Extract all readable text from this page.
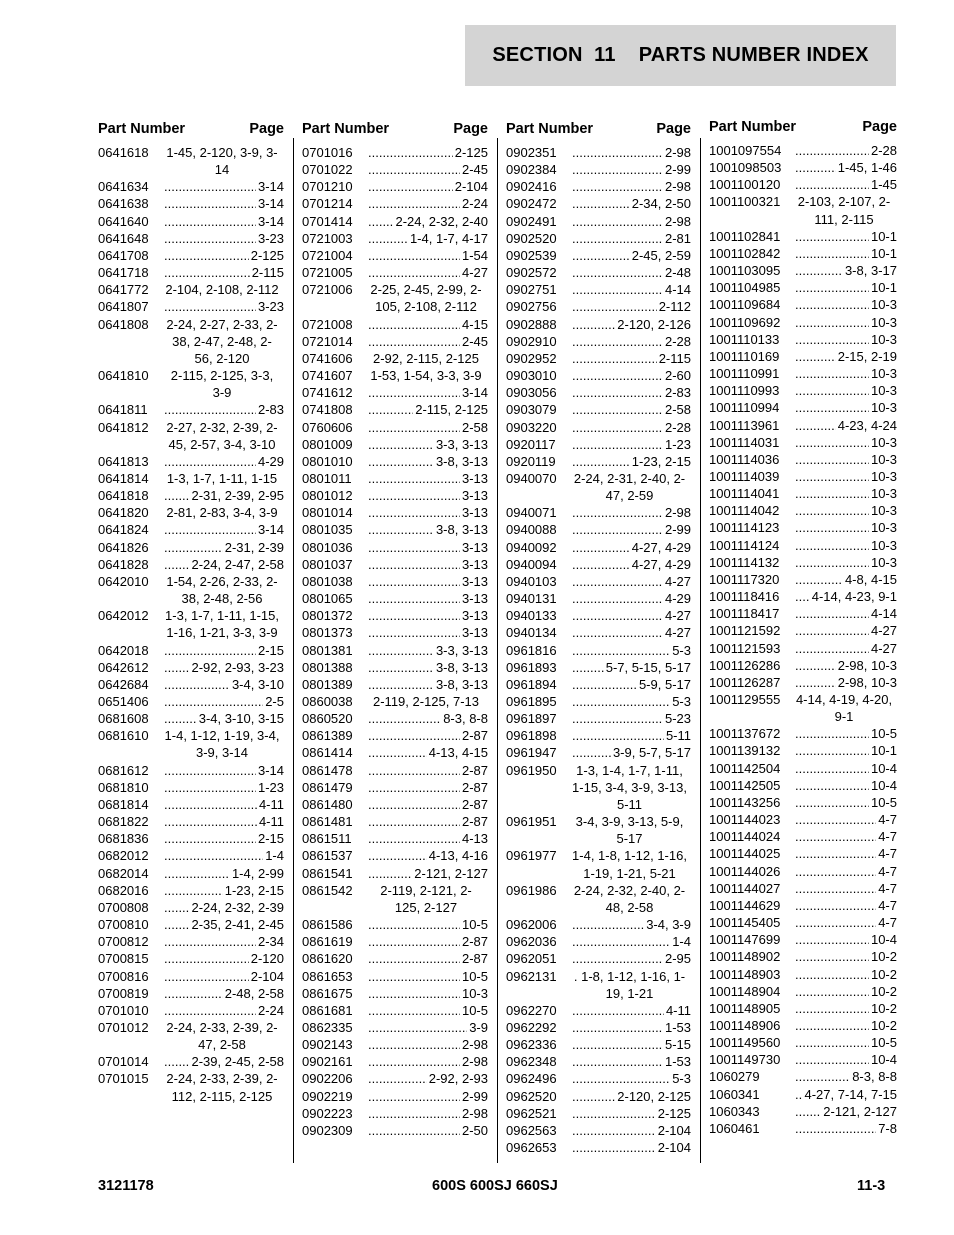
SECTION  11    PARTS NUMBER INDEX
Part Number	Page
0641618	1-45, 2-120, 3-9, 3-14
0641634 .....	3-14
0641638 .....	3-14
0641640 .....	3-14
0641648 .....	3-23
0641708 .....	2-125
0641718 .....	2-115
0641772	2-104, 2-108, 2-112
0641807 .....	3-23
0641808	2-24, 2-27, 2-33, 2-38, 2-47, 2-48, 2-56, 2-120
0641810	2-115, 2-125, 3-3, 3-9
0641811 .....	2-83
0641812	2-27, 2-32, 2-39, 2-45, 2-57, 3-4, 3-10
0641813 .....	4-29
0641814	1-3, 1-7, 1-11, 1-15
0641818 .....	2-31, 2-39, 2-95
0641820	2-81, 2-83, 3-4, 3-9
0641824 .....	3-14
0641826 .....	2-31, 2-39
0641828 .....	2-24, 2-47, 2-58
0642010	1-54, 2-26, 2-33, 2-38, 2-48, 2-56
0642012	1-3, 1-7, 1-11, 1-15, 1-16, 1-21, 3-3, 3-9
0642018 .....	2-15
0642612 .....	2-92, 2-93, 3-23
0642684 .....	3-4, 3-10
0651406 .....	2-5
0681608 .....	3-4, 3-10, 3-15
0681610	1-4, 1-12, 1-19, 3-4, 3-9, 3-14
0681612 .....	3-14
0681810 .....	1-23
0681814 .....	4-11
0681822 .....	4-11
0681836 .....	2-15
0682012 .....	1-4
0682014 .....	1-4, 2-99
0682016 .....	1-23, 2-15
0700808 .....	2-24, 2-32, 2-39
0700810 .....	2-35, 2-41, 2-45
0700812 .....	2-34
0700815 .....	2-120
0700816 .....	2-104
0700819 .....	2-48, 2-58
0701010 .....	2-24
0701012	2-24, 2-33, 2-39, 2-47, 2-58
0701014 .....	2-39, 2-45, 2-58
0701015	2-24, 2-33, 2-39, 2-112, 2-115, 2-125
Part Number	Page
0701016 .....	2-125
0701022 .....	2-45
0701210 .....	2-104
0701214 .....	2-24
0701414 .....	2-24, 2-32, 2-40
0721003 .....	1-4, 1-7, 4-17
0721004 .....	1-54
0721005 .....	4-27
0721006	2-25, 2-45, 2-99, 2-105, 2-108, 2-112
0721008 .....	4-15
0721014 .....	2-45
0741606	2-92, 2-115, 2-125
0741607	1-53, 1-54, 3-3, 3-9
0741612 .....	3-14
0741808 .....	2-115, 2-125
0760606 .....	2-58
0801009 .....	3-3, 3-13
0801010 .....	3-8, 3-13
0801011 .....	3-13
0801012 .....	3-13
0801014 .....	3-13
0801035 .....	3-8, 3-13
0801036 .....	3-13
0801037 .....	3-13
0801038 .....	3-13
0801065 .....	3-13
0801372 .....	3-13
0801373 .....	3-13
0801381 .....	3-3, 3-13
0801388 .....	3-8, 3-13
0801389 .....	3-8, 3-13
0860038	2-119, 2-125, 7-13
0860520 .....	8-3, 8-8
0861389 .....	2-87
0861414 .....	4-13, 4-15
0861478 .....	2-87
0861479 .....	2-87
0861480 .....	2-87
0861481 .....	2-87
0861511 .....	4-13
0861537 .....	4-13, 4-16
0861541 .....	2-121, 2-127
0861542	2-119, 2-121, 2-125, 2-127
0861586 .....	10-5
0861619 .....	2-87
0861620 .....	2-87
0861653 .....	10-5
0861675 .....	10-3
0861681 .....	10-5
0862335 .....	3-9
0902143 .....	2-98
0902161 .....	2-98
0902206 .....	2-92, 2-93
0902219 .....	2-99
0902223 .....	2-98
0902309 .....	2-50
Part Number	Page
0902351 .....	2-98
0902384 .....	2-99
0902416 .....	2-98
0902472 .....	2-34, 2-50
0902491 .....	2-98
0902520 .....	2-81
0902539 .....	2-45, 2-59
0902572 .....	2-48
0902751 .....	4-14
0902756 .....	2-112
0902888 .....	2-120, 2-126
0902910 .....	2-28
0902952 .....	2-115
0903010 .....	2-60
0903056 .....	2-83
0903079 .....	2-58
0903220 .....	2-28
0920117 .....	1-23
0920119 .....	1-23, 2-15
0940070	2-24, 2-31, 2-40, 2-47, 2-59
0940071 .....	2-98
0940088 .....	2-99
0940092 .....	4-27, 4-29
0940094 .....	4-27, 4-29
0940103 .....	4-27
0940131 .....	4-29
0940133 .....	4-27
0940134 .....	4-27
0961816 .....	5-3
0961893 .....	5-7, 5-15, 5-17
0961894 .....	5-9, 5-17
0961895 .....	5-3
0961897 .....	5-23
0961898 .....	5-11
0961947 .....	3-9, 5-7, 5-17
0961950	1-3, 1-4, 1-7, 1-11, 1-15, 3-4, 3-9, 3-13, 5-11
0961951	3-4, 3-9, 3-13, 5-9, 5-17
0961977	1-4, 1-8, 1-12, 1-16, 1-19, 1-21, 5-21
0961986	2-24, 2-32, 2-40, 2-48, 2-58
0962006 .....	3-4, 3-9
0962036 .....	1-4
0962051 .....	2-95
0962131	. 1-8, 1-12, 1-16, 1-19, 1-21
0962270 .....	4-11
0962292 .....	1-53
0962336 .....	5-15
0962348 .....	1-53
0962496 .....	5-3
0962520 .....	2-120, 2-125
0962521 .....	2-125
0962563 .....	2-104
0962653 .....	2-104
Part Number	Page
1001097554 .....	2-28
1001098503 .....	1-45, 1-46
1001100120 .....	1-45
1001100321	2-103, 2-107, 2-111, 2-115
1001102841 .....	10-1
1001102842 .....	10-1
1001103095 .....	3-8, 3-17
1001104985 .....	10-1
1001109684 .....	10-3
1001109692 .....	10-3
1001110133 .....	10-3
1001110169 .....	2-15, 2-19
1001110991 .....	10-3
1001110993 .....	10-3
1001110994 .....	10-3
1001113961 .....	4-23, 4-24
1001114031 .....	10-3
1001114036 .....	10-3
1001114039 .....	10-3
1001114041 .....	10-3
1001114042 .....	10-3
1001114123 .....	10-3
1001114124 .....	10-3
1001114132 .....	10-3
1001117320 .....	4-8, 4-15
1001118416 .....	4-14, 4-23, 9-1
1001118417 .....	4-14
1001121592 .....	4-27
1001121593 .....	4-27
1001126286 .....	2-98, 10-3
1001126287 .....	2-98, 10-3
1001129555	4-14, 4-19, 4-20, 9-1
1001137672 .....	10-5
1001139132 .....	10-1
1001142504 .....	10-4
1001142505 .....	10-4
1001143256 .....	10-5
1001144023 .....	4-7
1001144024 .....	4-7
1001144025 .....	4-7
1001144026 .....	4-7
1001144027 .....	4-7
1001144629 .....	4-7
1001145405 .....	4-7
1001147699 .....	10-4
1001148902 .....	10-2
1001148903 .....	10-2
1001148904 .....	10-2
1001148905 .....	10-2
1001148906 .....	10-2
1001149560 .....	10-5
1001149730 .....	10-4
1060279 .....	8-3, 8-8
1060341 .....	4-27, 7-14, 7-15
1060343 .....	2-121, 2-127
1060461 .....	7-8
3121178	600S 600SJ 660SJ	11-3
